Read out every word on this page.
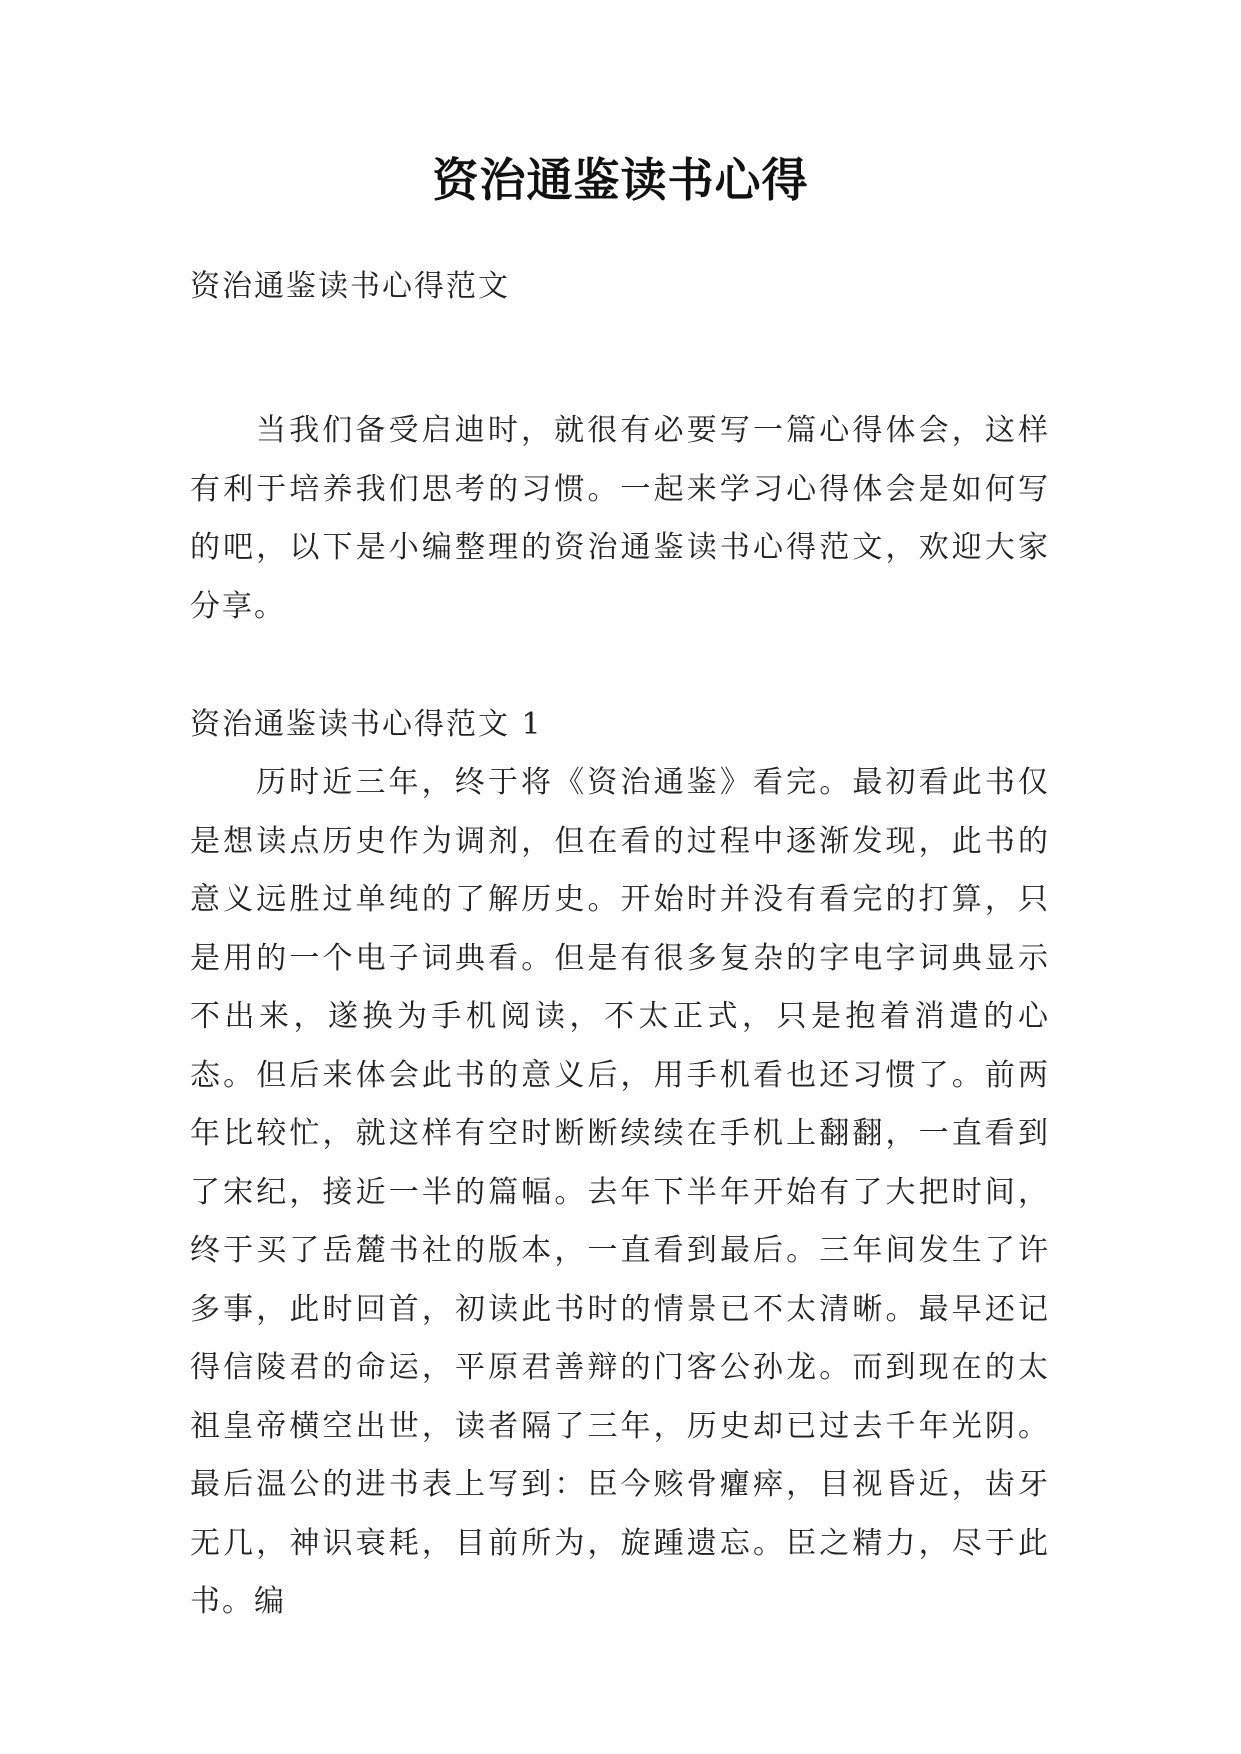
资治通鉴读书心得
资治通鉴读书心得范文
当我们备受启迪时，就很有必要写一篇心得体会，这样有利于培养我们思考的习惯。一起来学习心得体会是如何写的吧，以下是小编整理的资治通鉴读书心得范文，欢迎大家分享。
资治通鉴读书心得范文 1
历时近三年，终于将《资治通鉴》看完。最初看此书仅是想读点历史作为调剂，但在看的过程中逐渐发现，此书的意义远胜过单纯的了解历史。开始时并没有看完的打算，只是用的一个电子词典看。但是有很多复杂的字电字词典显示不出来，遂换为手机阅读，不太正式，只是抱着消遣的心态。但后来体会此书的意义后，用手机看也还习惯了。前两年比较忙，就这样有空时断断续续在手机上翻翻，一直看到了宋纪，接近一半的篇幅。去年下半年开始有了大把时间，终于买了岳麓书社的版本，一直看到最后。三年间发生了许多事，此时回首，初读此书时的情景已不太清晰。最早还记得信陵君的命运，平原君善辩的门客公孙龙。而到现在的太祖皇帝横空出世，读者隔了三年，历史却已过去千年光阴。最后温公的进书表上写到：臣今赅骨癯瘁，目视昏近，齿牙无几，神识衰耗，目前所为，旋踵遗忘。臣之精力，尽于此书。编
